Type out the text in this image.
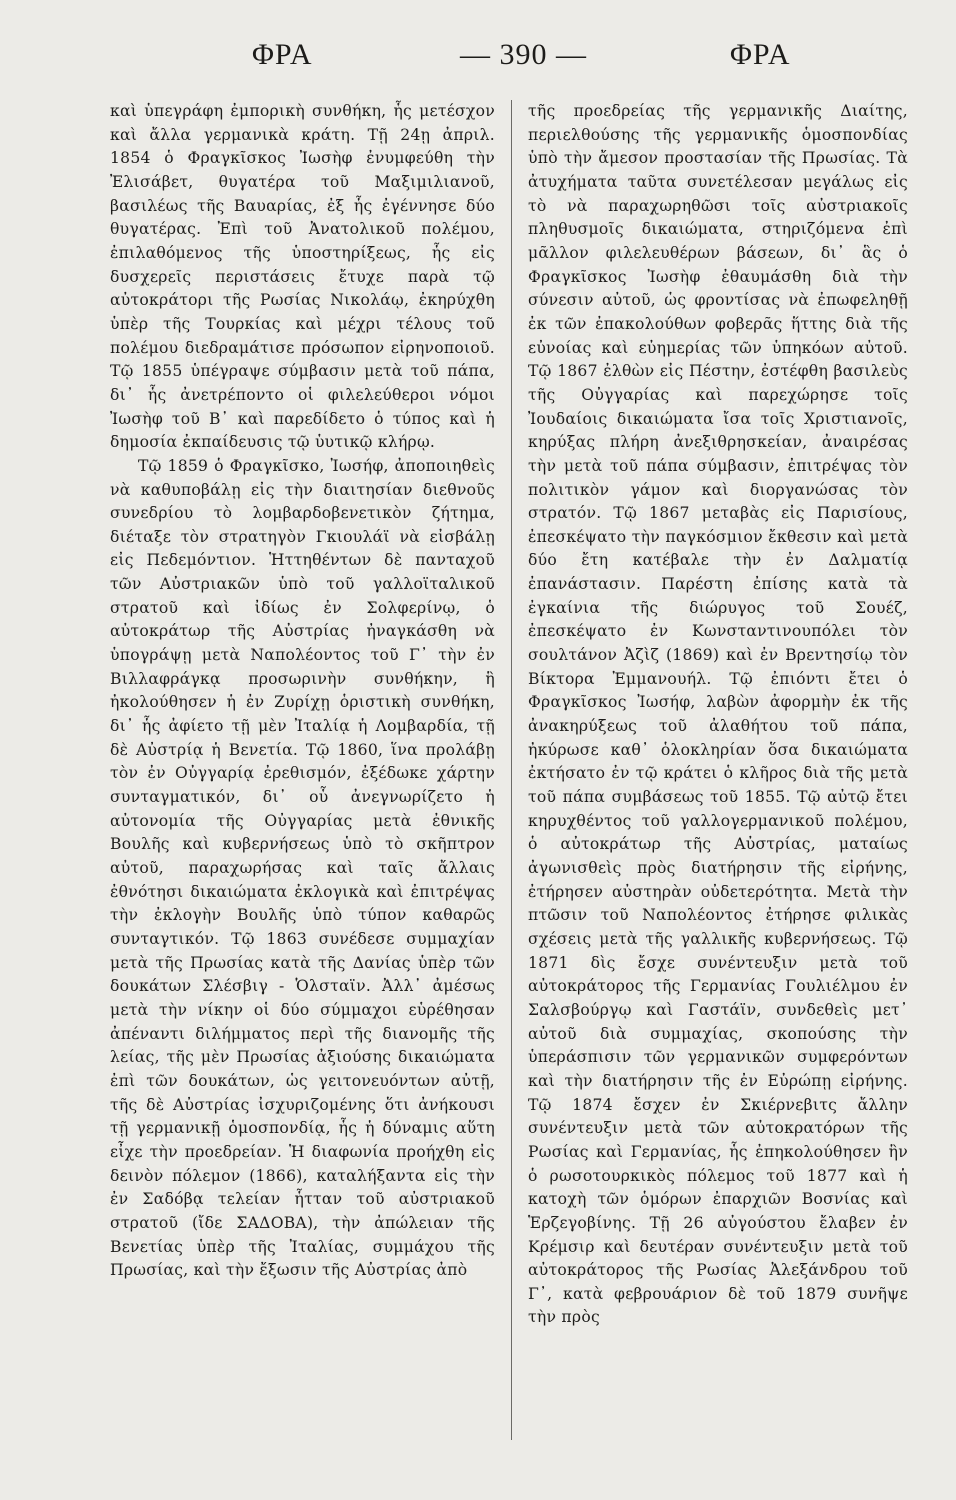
ΦΡΑ	— 390 —	ΦΡΑ

καὶ ὑπεγράφη ἐμπορικὴ συνθήκη, ἧς μετέσχον καὶ ἄλλα γερμανικὰ κράτη. Τῇ 24ῃ ἀπριλ. 1854 ὁ Φραγκῖσκος Ἰωσὴφ ἐνυμφεύθη τὴν Ἐλισάβετ, θυγατέρα τοῦ Μαξιμιλιανοῦ, βασιλέως τῆς Βαυαρίας, ἐξ ἧς ἐγέννησε δύο θυγατέρας. Ἐπὶ τοῦ Ἀνατολικοῦ πολέμου, ἐπιλαθόμενος τῆς ὑποστηρίξεως, ἧς εἰς δυσχερεῖς περιστάσεις ἔτυχε παρὰ τῷ αὐτοκράτορι τῆς Ρωσίας Νικολάῳ, ἐκηρύχθη ὑπὲρ τῆς Τουρκίας καὶ μέχρι τέλους τοῦ πολέμου διεδραμάτισε πρόσωπον εἰρηνοποιοῦ. Τῷ 1855 ὑπέγραψε σύμβασιν μετὰ τοῦ πάπα, δι᾽ ἧς ἀνετρέποντο οἱ φιλελεύθεροι νόμοι Ἰωσὴφ τοῦ Β᾽ καὶ παρεδίδετο ὁ τύπος καὶ ἡ δημοσία ἐκπαίδευσις τῷ ὑυτικῷ κλήρῳ.

Τῷ 1859 ὁ Φραγκῖσκο, Ἰωσήφ, ἀποποιηθεὶς νὰ καθυποβάλῃ εἰς τὴν διαιτησίαν διεθνοῦς συνεδρίου τὸ λομβαρδοβενετικὸν ζήτημα, διέταξε τὸν στρατηγὸν Γκιουλάϊ νὰ εἰσβάλῃ εἰς Πεδεμόντιον. Ἡττηθέντων δὲ πανταχοῦ τῶν Αὐστριακῶν ὑπὸ τοῦ γαλλοϊταλικοῦ στρατοῦ καὶ ἰδίως ἐν Σολφερίνῳ, ὁ αὐτοκράτωρ τῆς Αὐστρίας ἠναγκάσθη νὰ ὑπογράψῃ μετὰ Ναπολέοντος τοῦ Γ᾽ τὴν ἐν Βιλλαφράγκᾳ προσωρινὴν συνθήκην, ἣ ἠκολούθησεν ἡ ἐν Ζυρίχῃ ὁριστικὴ συνθήκη, δι᾽ ἧς ἀφίετο τῇ μὲν Ἰταλίᾳ ἡ Λομβαρδία, τῇ δὲ Αὐστρίᾳ ἡ Βενετία. Τῷ 1860, ἵνα προλάβῃ τὸν ἐν Οὐγγαρίᾳ ἐρεθισμόν, ἐξέδωκε χάρτην συνταγματικόν, δι᾽ οὗ ἀνεγνωρίζετο ἡ αὐτονομία τῆς Οὐγγαρίας μετὰ ἐθνικῆς Βουλῆς καὶ κυβερνήσεως ὑπὸ τὸ σκῆπτρον αὐτοῦ, παραχωρήσας καὶ ταῖς ἄλλαις ἐθνότησι δικαιώματα ἐκλογικὰ καὶ ἐπιτρέψας τὴν ἐκλογὴν Βουλῆς ὑπὸ τύπον καθαρῶς συνταγτικόν. Τῷ 1863 συνέδεσε συμμαχίαν μετὰ τῆς Πρωσίας κατὰ τῆς Δανίας ὑπὲρ τῶν δουκάτων Σλέσβιγ - Ὁλσταϊν. Ἀλλ᾽ ἀμέσως μετὰ τὴν νίκην οἱ δύο σύμμαχοι εὑρέθησαν ἀπέναντι διλήμματος περὶ τῆς διανομῆς τῆς λείας, τῆς μὲν Πρωσίας ἀξιούσης δικαιώματα ἐπὶ τῶν δουκάτων, ὡς γειτονευόντων αὐτῇ, τῆς δὲ Αὐστρίας ἰσχυριζομένης ὅτι ἀνήκουσι τῇ γερμανικῇ ὁμοσπονδίᾳ, ἧς ἡ δύναμις αὕτη εἶχε τὴν προεδρείαν. Ἡ διαφωνία προήχθη εἰς δεινὸν πόλεμον (1866), καταλήξαντα εἰς τὴν ἐν Σαδόβᾳ τελείαν ἧτταν τοῦ αὐστριακοῦ στρατοῦ (ἴδε ΣΑΔΟΒΑ), τὴν ἀπώλειαν τῆς Βενετίας ὑπὲρ τῆς Ἰταλίας, συμμάχου τῆς Πρωσίας, καὶ τὴν ἔξωσιν τῆς Αὐστρίας ἀπὸ

τῆς προεδρείας τῆς γερμανικῆς Διαίτης, περιελθούσης τῆς γερμανικῆς ὁμοσπονδίας ὑπὸ τὴν ἄμεσον προστασίαν τῆς Πρωσίας. Τὰ ἀτυχήματα ταῦτα συνετέλεσαν μεγάλως εἰς τὸ νὰ παραχωρηθῶσι τοῖς αὐστριακοῖς πληθυσμοῖς δικαιώματα, στηριζόμενα ἐπὶ μᾶλλον φιλελευθέρων βάσεων, δι᾽ ἃς ὁ Φραγκῖσκος Ἰωσὴφ ἐθαυμάσθη διὰ τὴν σύνεσιν αὐτοῦ, ὡς φροντίσας νὰ ἐπωφεληθῇ ἐκ τῶν ἐπακολούθων φοβερᾶς ἥττης διὰ τῆς εὐνοίας καὶ εὐημερίας τῶν ὑπηκόων αὐτοῦ. Τῷ 1867 ἐλθὼν εἰς Πέστην, ἐστέφθη βασιλεὺς τῆς Οὐγγαρίας καὶ παρεχώρησε τοῖς Ἰουδαίοις δικαιώματα ἴσα τοῖς Χριστιανοῖς, κηρύξας πλήρη ἀνεξιθρησκείαν, ἀναιρέσας τὴν μετὰ τοῦ πάπα σύμβασιν, ἐπιτρέψας τὸν πολιτικὸν γάμον καὶ διοργανώσας τὸν στρατόν. Τῷ 1867 μεταβὰς εἰς Παρισίους, ἐπεσκέψατο τὴν παγκόσμιον ἔκθεσιν καὶ μετὰ δύο ἔτη κατέβαλε τὴν ἐν Δαλματίᾳ ἐπανάστασιν. Παρέστη ἐπίσης κατὰ τὰ ἐγκαίνια τῆς διώρυγος τοῦ Σουέζ, ἐπεσκέψατο ἐν Κωνσταντινουπόλει τὸν σουλτάνον Ἀζὶζ (1869) καὶ ἐν Βρεντησίῳ τὸν Βίκτορα Ἐμμανουήλ. Τῷ ἐπιόντι ἔτει ὁ Φραγκῖσκος Ἰωσήφ, λαβὼν ἀφορμὴν ἐκ τῆς ἀνακηρύξεως τοῦ ἀλαθήτου τοῦ πάπα, ἠκύρωσε καθ᾽ ὁλοκληρίαν ὅσα δικαιώματα ἐκτήσατο ἐν τῷ κράτει ὁ κλῆρος διὰ τῆς μετὰ τοῦ πάπα συμβάσεως τοῦ 1855. Τῷ αὐτῷ ἔτει κηρυχθέντος τοῦ γαλλογερμανικοῦ πολέμου, ὁ αὐτοκράτωρ τῆς Αὐστρίας, ματαίως ἀγωνισθεὶς πρὸς διατήρησιν τῆς εἰρήνης, ἐτήρησεν αὐστηρὰν οὐδετερότητα. Μετὰ τὴν πτῶσιν τοῦ Ναπολέοντος ἐτήρησε φιλικὰς σχέσεις μετὰ τῆς γαλλικῆς κυβερνήσεως. Τῷ 1871 δὶς ἔσχε συνέντευξιν μετὰ τοῦ αὐτοκράτορος τῆς Γερμανίας Γουλιέλμου ἐν Σαλσβούργῳ καὶ Γαστάϊν, συνδεθεὶς μετ᾽ αὐτοῦ διὰ συμμαχίας, σκοπούσης τὴν ὑπεράσπισιν τῶν γερμανικῶν συμφερόντων καὶ τὴν διατήρησιν τῆς ἐν Εὐρώπῃ εἰρήνης. Τῷ 1874 ἔσχεν ἐν Σκιέρνεβιτς ἄλλην συνέντευξιν μετὰ τῶν αὐτοκρατόρων τῆς Ρωσίας καὶ Γερμανίας, ἧς ἐπηκολούθησεν ἣν ὁ ρωσοτουρκικὸς πόλεμος τοῦ 1877 καὶ ἡ κατοχὴ τῶν ὁμόρων ἐπαρχιῶν Βοσνίας καὶ Ἑρζεγοβίνης. Τῇ 26 αὐγούστου ἔλαβεν ἐν Κρέμσιρ καὶ δευτέραν συνέντευξιν μετὰ τοῦ αὐτοκράτορος τῆς Ρωσίας Ἀλεξάνδρου τοῦ Γ᾽, κατὰ φεβρουάριον δὲ τοῦ 1879 συνῆψε τὴν πρὸς
